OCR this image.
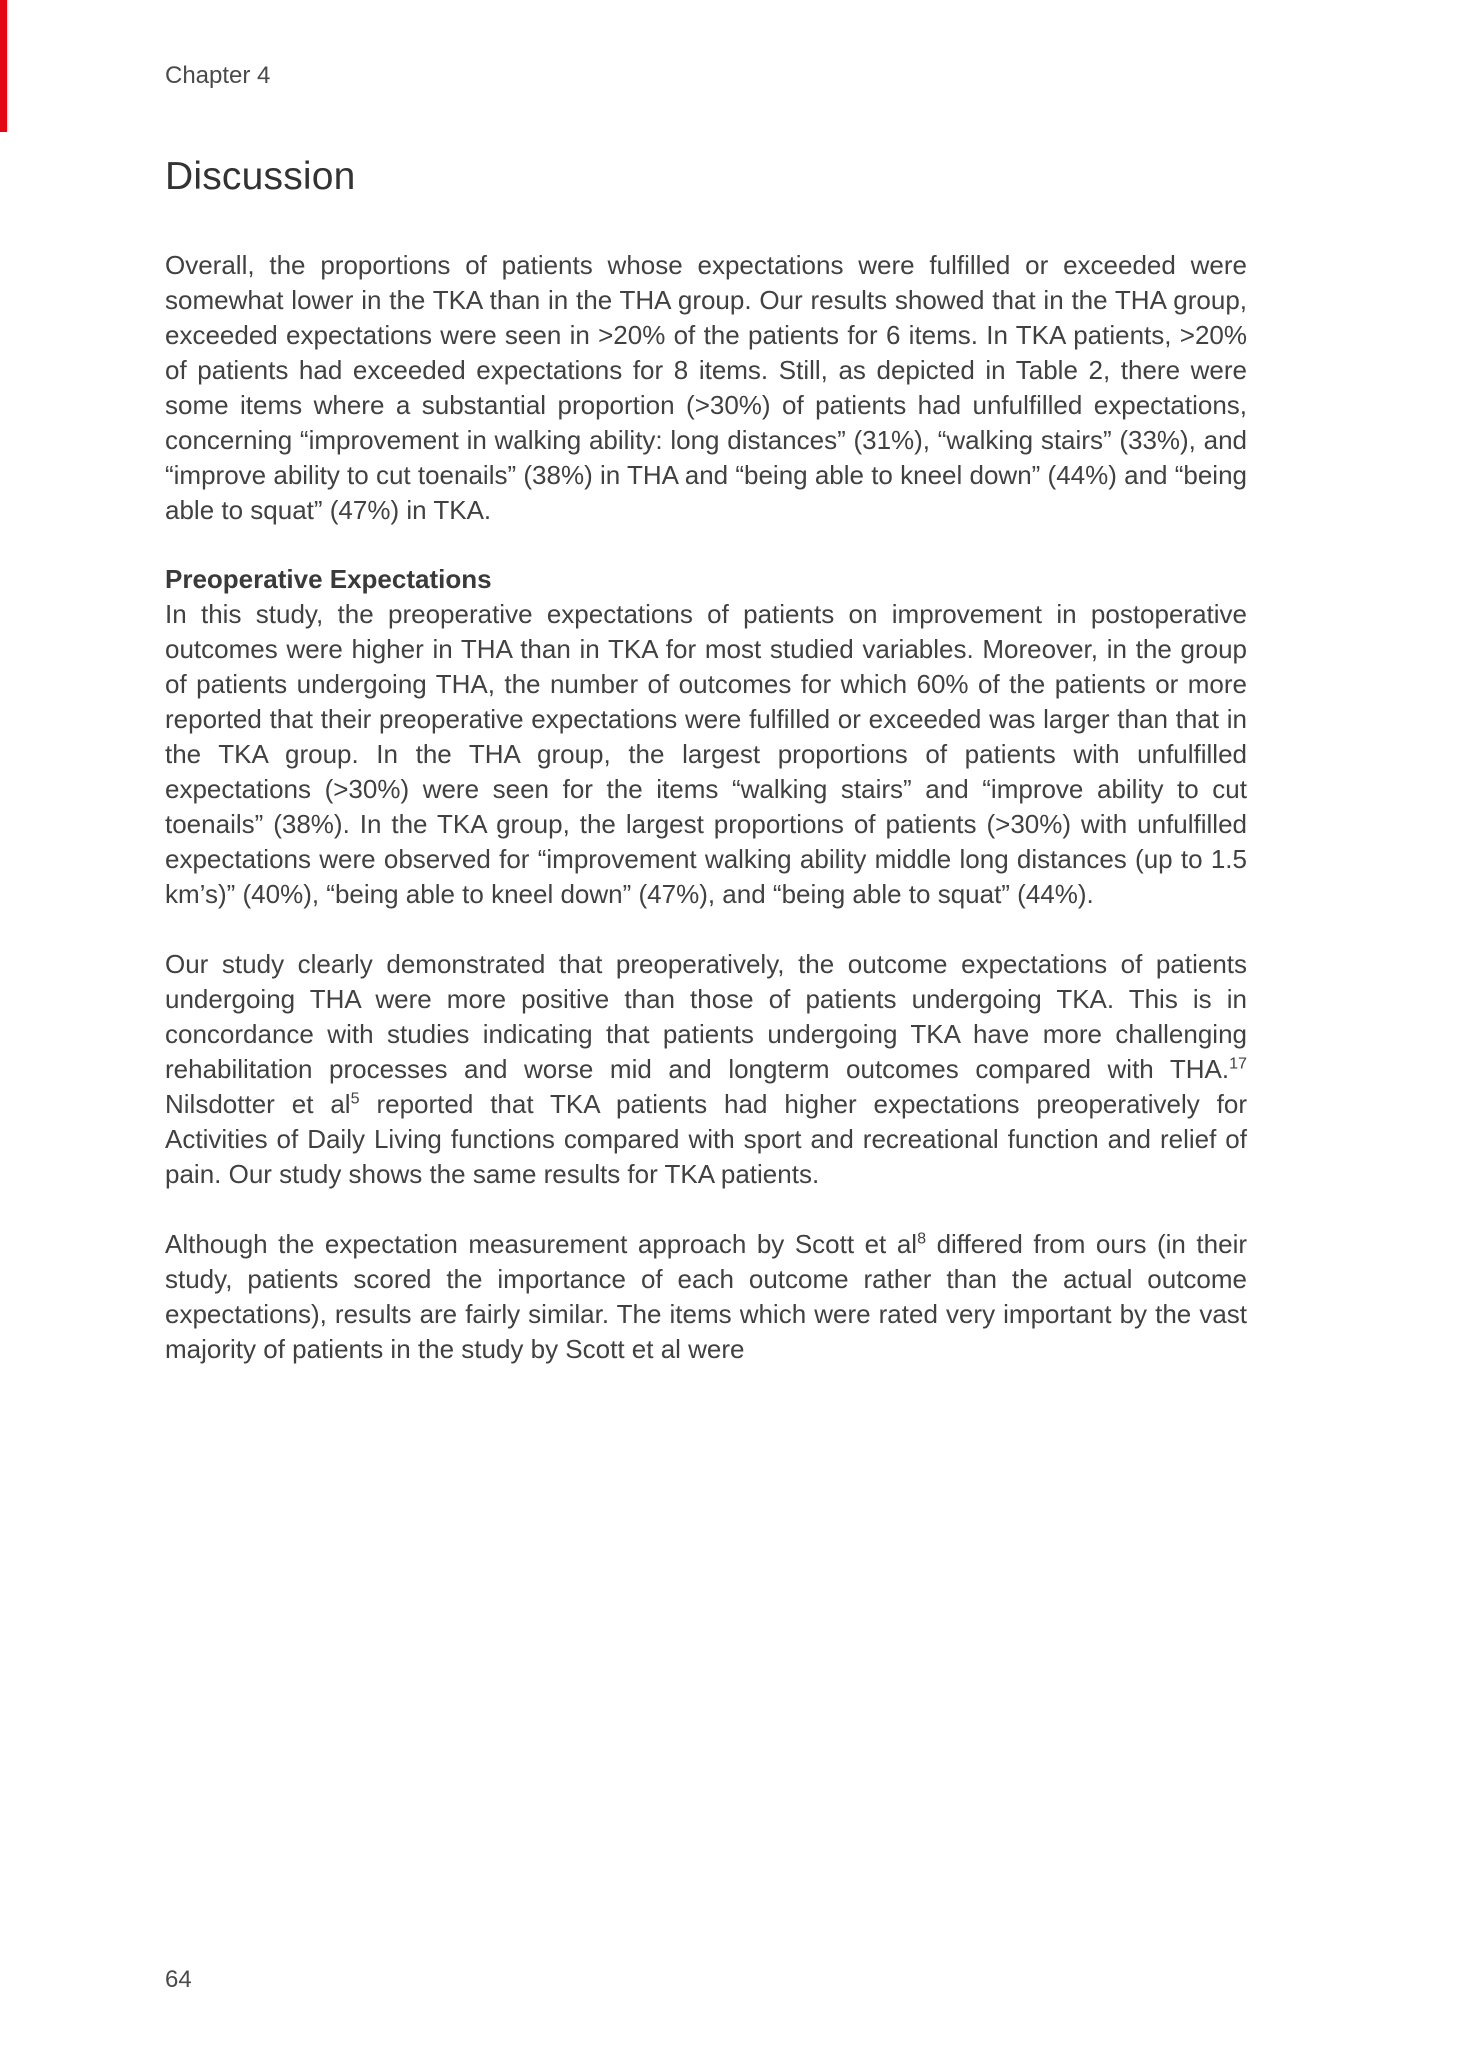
Chapter 4
Discussion

Overall, the proportions of patients whose expectations were fulfilled or exceeded were somewhat lower in the TKA than in the THA group. Our results showed that in the THA group, exceeded expectations were seen in >20% of the patients for 6 items. In TKA patients, >20% of patients had exceeded expectations for 8 items. Still, as depicted in Table 2, there were some items where a substantial proportion (>30%) of patients had unfulfilled expectations, concerning “improvement in walking ability: long distances” (31%), “walking stairs” (33%), and “improve ability to cut toenails” (38%) in THA and “being able to kneel down” (44%) and “being able to squat” (47%) in TKA.

Preoperative Expectations

In this study, the preoperative expectations of patients on improvement in postoperative outcomes were higher in THA than in TKA for most studied variables. Moreover, in the group of patients undergoing THA, the number of outcomes for which 60% of the patients or more reported that their preoperative expectations were fulfilled or exceeded was larger than that in the TKA group. In the THA group, the largest proportions of patients with unfulfilled expectations (>30%) were seen for the items “walking stairs” and “improve ability to cut toenails” (38%). In the TKA group, the largest proportions of patients (>30%) with unfulfilled expectations were observed for “improvement walking ability middle long distances (up to 1.5 km’s)” (40%), “being able to kneel down” (47%), and “being able to squat” (44%).

Our study clearly demonstrated that preoperatively, the outcome expectations of patients undergoing THA were more positive than those of patients undergoing TKA. This is in concordance with studies indicating that patients undergoing TKA have more challenging rehabilitation processes and worse mid and longterm outcomes compared with THA.$^{17}$ Nilsdotter et $al^5$ reported that TKA patients had higher expectations preoperatively for Activities of Daily Living functions compared with sport and recreational function and relief of pain. Our study shows the same results for TKA patients.

Although the expectation measurement approach by Scott et $al^8$ differed from ours (in their study, patients scored the importance of each outcome rather than the actual outcome expectations), results are fairly similar. The items which were rated very important by the vast majority of patients in the study by Scott et al were

64
